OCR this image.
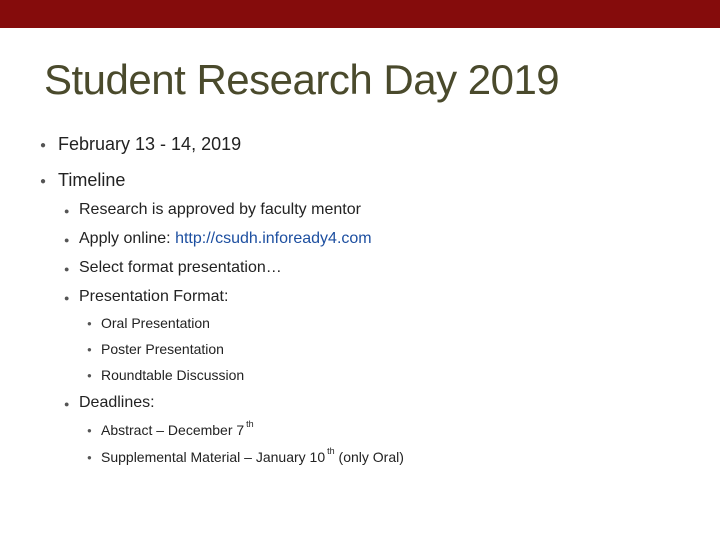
Student Research Day 2019
● February 13 - 14, 2019
● Timeline
● Research is approved by faculty mentor
● Apply online: http://csudh.infoready4.com
● Select format presentation…
● Presentation Format:
● Oral Presentation
● Poster Presentation
● Roundtable Discussion
● Deadlines:
● Abstract – December 7 $^{th}$
● Supplemental Material – January 10 $^{th}$ (only Oral)
